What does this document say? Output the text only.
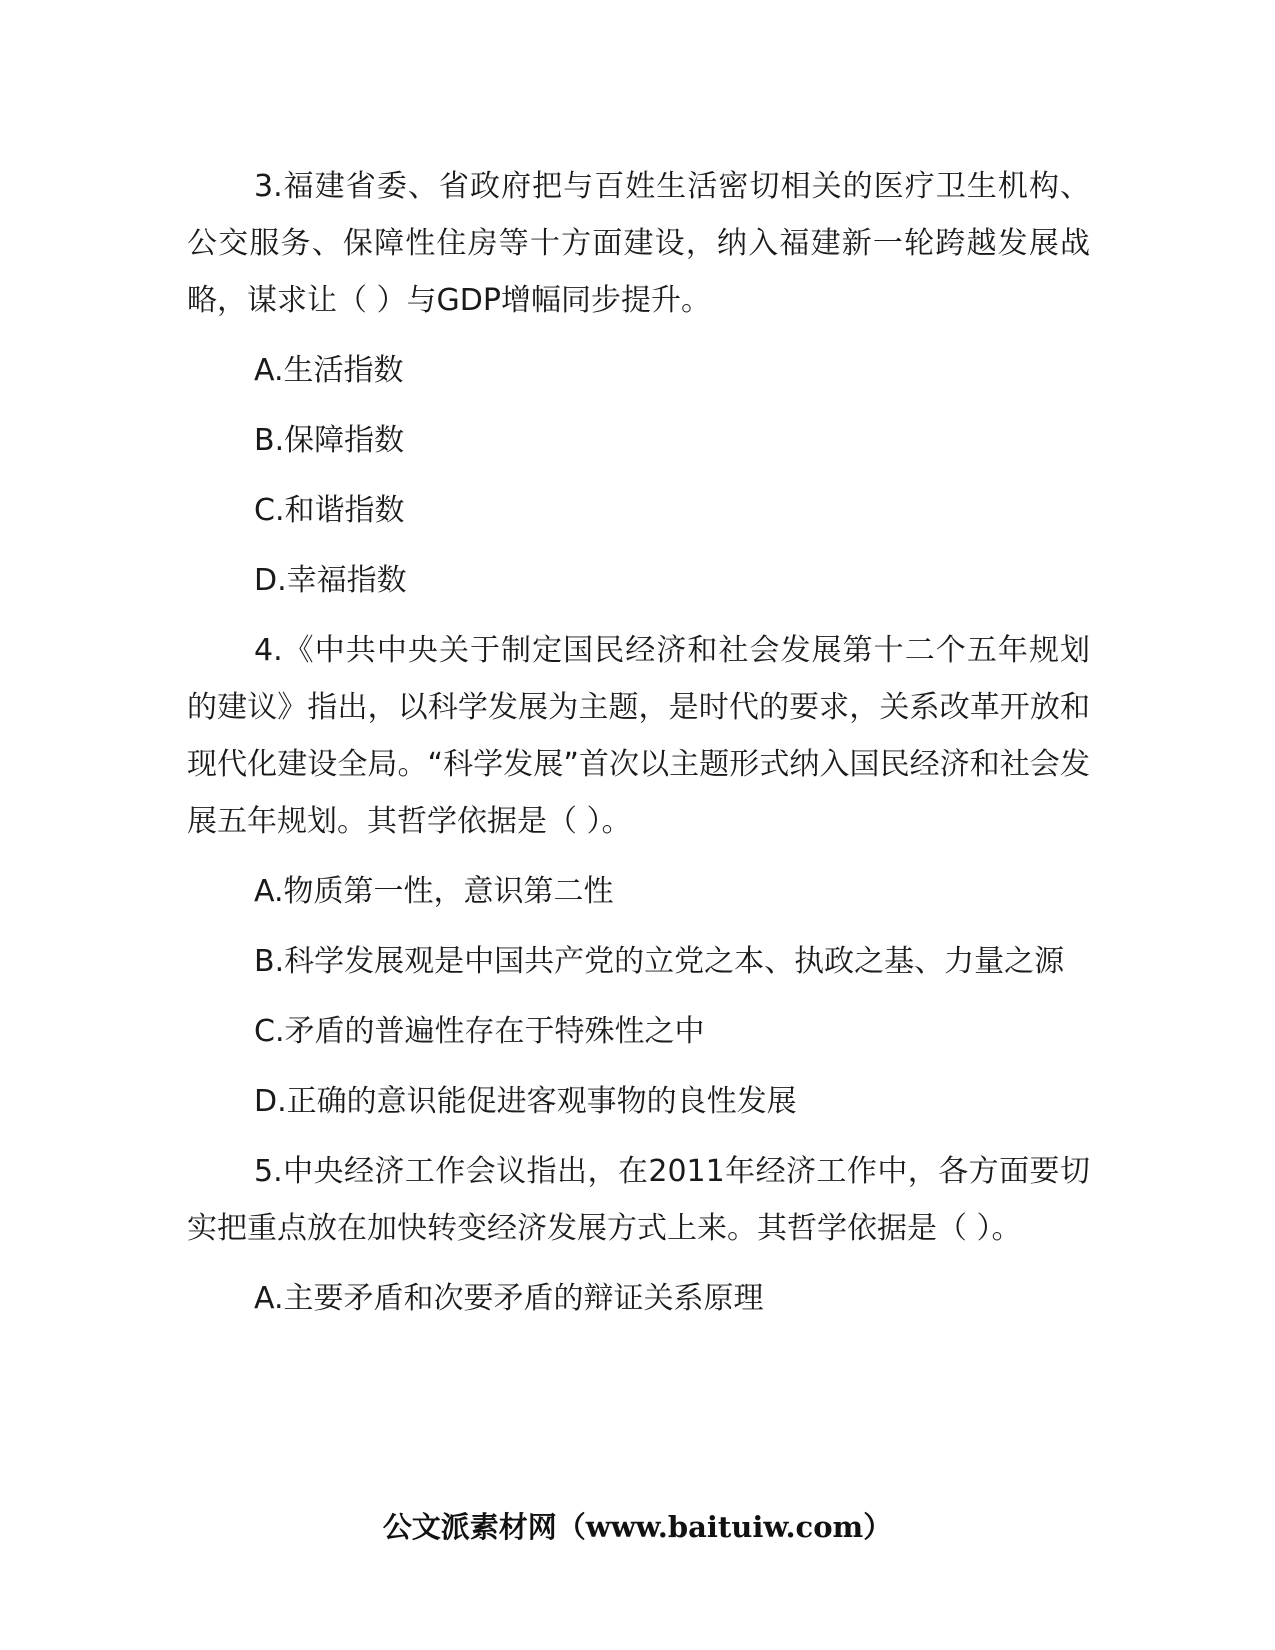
3.福建省委、省政府把与百姓生活密切相关的医疗卫生机构、公交服务、保障性住房等十方面建设，纳入福建新一轮跨越发展战略，谋求让（ ）与GDP增幅同步提升。

A.生活指数

B.保障指数

C.和谐指数

D.幸福指数

4.《中共中央关于制定国民经济和社会发展第十二个五年规划的建议》指出，以科学发展为主题，是时代的要求，关系改革开放和现代化建设全局。“科学发展”首次以主题形式纳入国民经济和社会发展五年规划。其哲学依据是（ ）。

A.物质第一性，意识第二性

B.科学发展观是中国共产党的立党之本、执政之基、力量之源

C.矛盾的普遍性存在于特殊性之中

D.正确的意识能促进客观事物的良性发展

5.中央经济工作会议指出，在2011年经济工作中，各方面要切实把重点放在加快转变经济发展方式上来。其哲学依据是（ ）。

A.主要矛盾和次要矛盾的辩证关系原理

公文派素材网（www.baituiw.com）
